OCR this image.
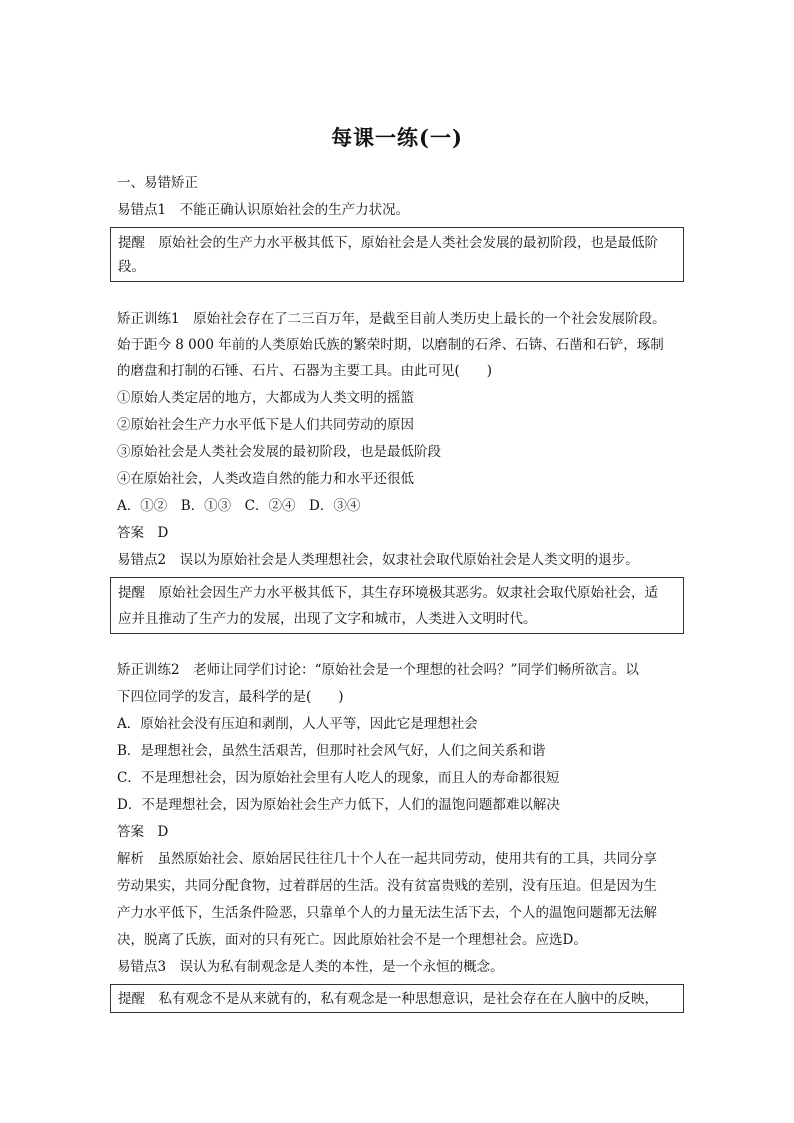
每课一练(一)
一、易错矫正
易错点1　不能正确认识原始社会的生产力状况。
提醒　原始社会的生产力水平极其低下，原始社会是人类社会发展的最初阶段，也是最低阶
段。
矫正训练1　原始社会存在了二三百万年，是截至目前人类历史上最长的一个社会发展阶段。
始于距今 8 000 年前的人类原始氏族的繁荣时期，以磨制的石斧、石锛、石凿和石铲，琢制
的磨盘和打制的石锤、石片、石器为主要工具。由此可见(　　)
①原始人类定居的地方，大都成为人类文明的摇篮
②原始社会生产力水平低下是人们共同劳动的原因
③原始社会是人类社会发展的最初阶段，也是最低阶段
④在原始社会，人类改造自然的能力和水平还很低
A．①②　B．①③　C．②④　D．③④
答案　D
易错点2　误以为原始社会是人类理想社会，奴隶社会取代原始社会是人类文明的退步。
提醒　原始社会因生产力水平极其低下，其生存环境极其恶劣。奴隶社会取代原始社会，适
应并且推动了生产力的发展，出现了文字和城市，人类进入文明时代。
矫正训练2　老师让同学们讨论：“原始社会是一个理想的社会吗？”同学们畅所欲言。以
下四位同学的发言，最科学的是(　　)
A．原始社会没有压迫和剥削，人人平等，因此它是理想社会
B．是理想社会，虽然生活艰苦，但那时社会风气好，人们之间关系和谐
C．不是理想社会，因为原始社会里有人吃人的现象，而且人的寿命都很短
D．不是理想社会，因为原始社会生产力低下，人们的温饱问题都难以解决
答案　D
解析　虽然原始社会、原始居民往往几十个人在一起共同劳动，使用共有的工具，共同分享
劳动果实，共同分配食物，过着群居的生活。没有贫富贵贱的差别，没有压迫。但是因为生
产力水平低下，生活条件险恶，只靠单个人的力量无法生活下去，个人的温饱问题都无法解
决，脱离了氏族，面对的只有死亡。因此原始社会不是一个理想社会。应选D。
易错点3　误认为私有制观念是人类的本性，是一个永恒的概念。
提醒　私有观念不是从来就有的，私有观念是一种思想意识，是社会存在在人脑中的反映，
